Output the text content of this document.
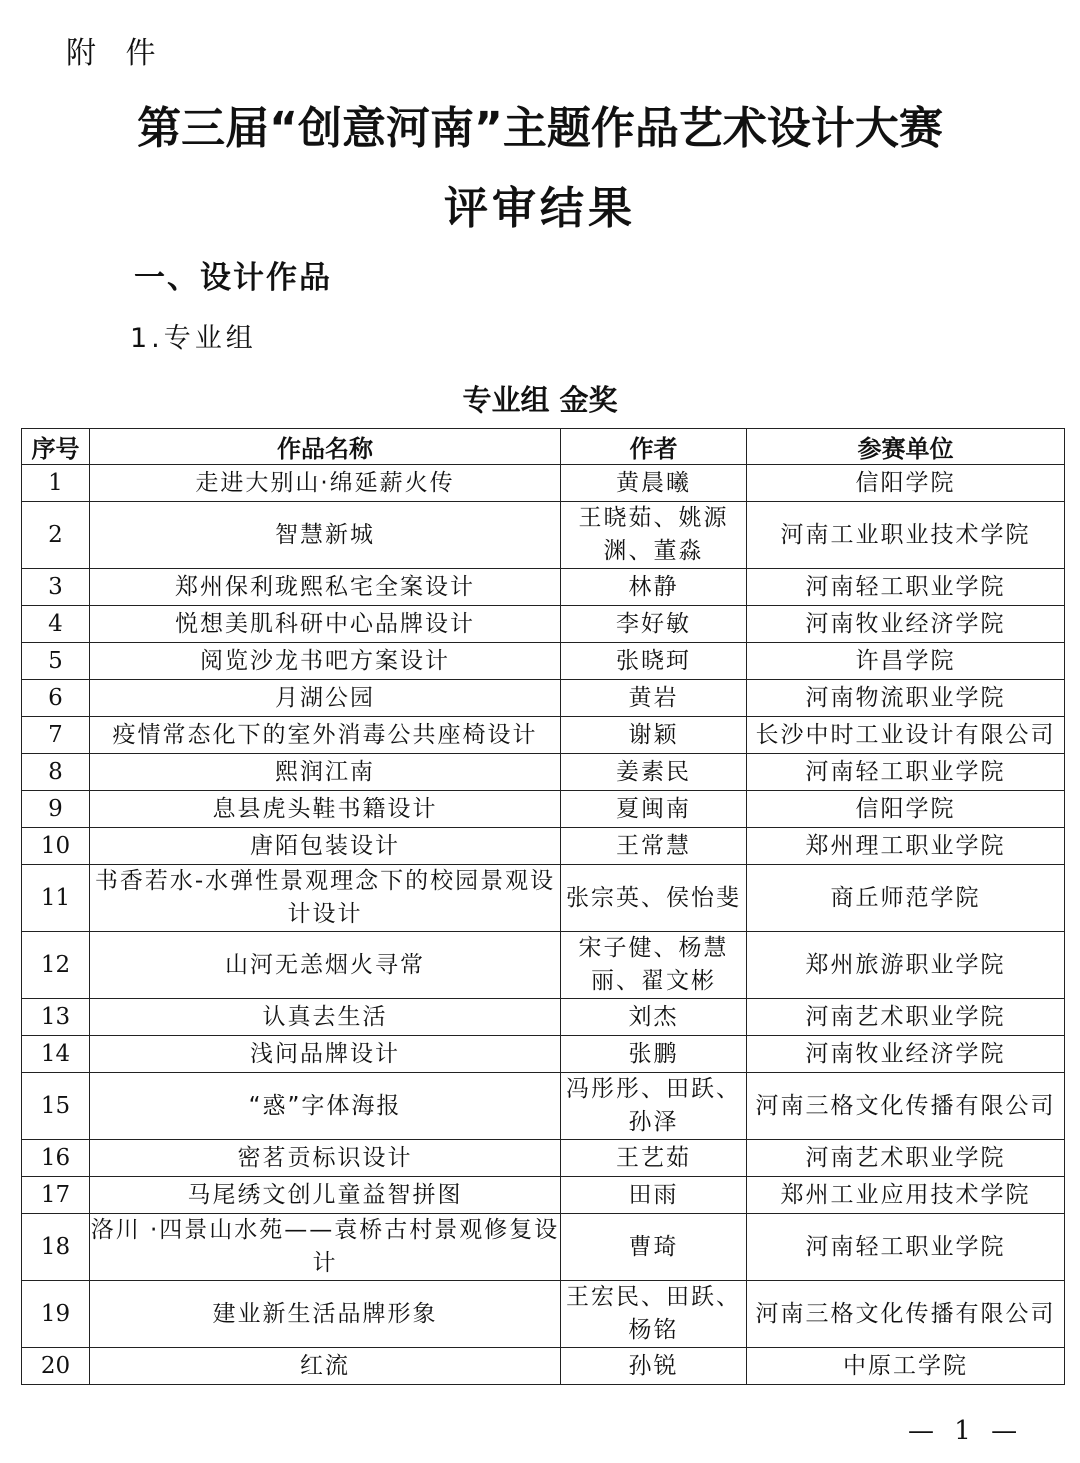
附 件
第三届“创意河南”主题作品艺术设计大赛
评审结果
一、设计作品
1.专业组
专业组 金奖
序号	作品名称	作者	参赛单位
1	走进大别山·绵延薪火传	黄晨曦	信阳学院
2	智慧新城	王晓茹、姚源渊、董淼	河南工业职业技术学院
3	郑州保利珑熙私宅全案设计	林静	河南轻工职业学院
4	悦想美肌科研中心品牌设计	李好敏	河南牧业经济学院
5	阅览沙龙书吧方案设计	张晓珂	许昌学院
6	月湖公园	黄岩	河南物流职业学院
7	疫情常态化下的室外消毒公共座椅设计	谢颖	长沙中时工业设计有限公司
8	熙润江南	姜素民	河南轻工职业学院
9	息县虎头鞋书籍设计	夏闽南	信阳学院
10	唐陌包装设计	王常慧	郑州理工职业学院
11	书香若水-水弹性景观理念下的校园景观设计设计	张宗英、侯怡斐	商丘师范学院
12	山河无恙烟火寻常	宋子健、杨慧丽、翟文彬	郑州旅游职业学院
13	认真去生活	刘杰	河南艺术职业学院
14	浅问品牌设计	张鹏	河南牧业经济学院
15	“惑”字体海报	冯彤彤、田跃、孙泽	河南三格文化传播有限公司
16	密茗贡标识设计	王艺茹	河南艺术职业学院
17	马尾绣文创儿童益智拼图	田雨	郑州工业应用技术学院
18	洛川 ·四景山水苑——袁桥古村景观修复设计	曹琦	河南轻工职业学院
19	建业新生活品牌形象	王宏民、田跃、杨铭	河南三格文化传播有限公司
20	红流	孙锐	中原工学院
— 1 —
